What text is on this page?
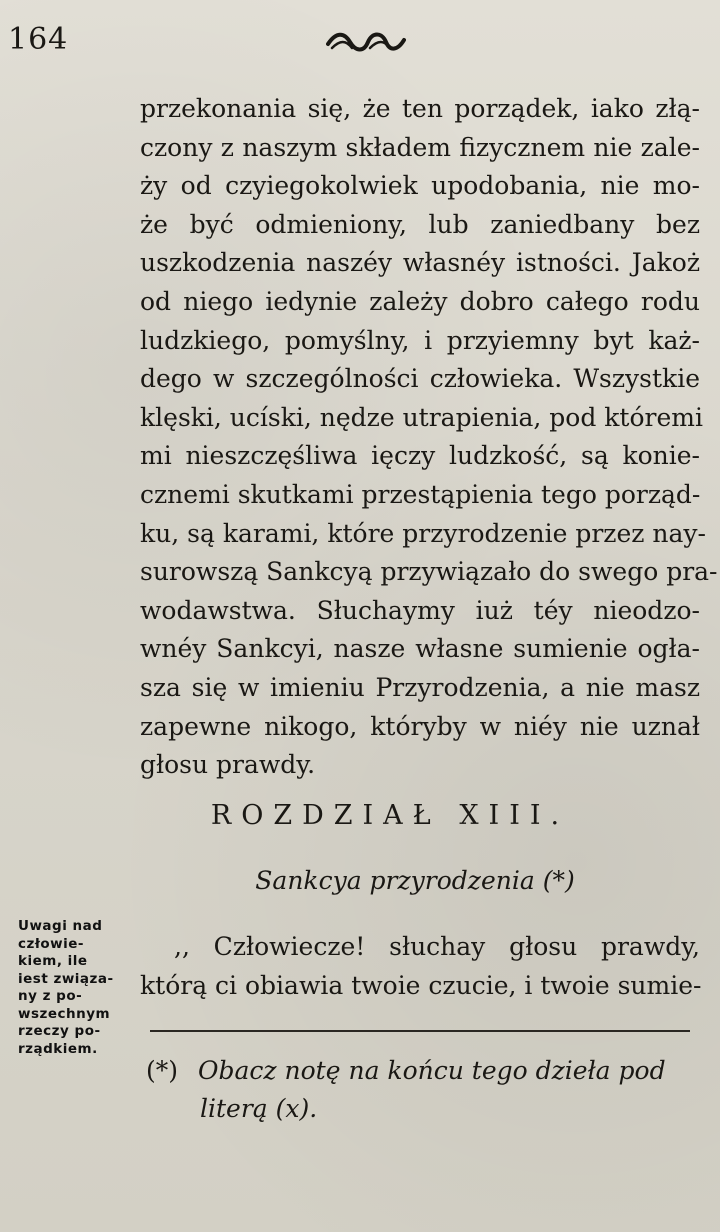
164
przekonania się, że ten porządek, iako złą-
czony z naszym składem fizycznem nie zale-
ży od czyiegokolwiek upodobania, nie mo-
że być odmieniony, lub zaniedbany bez
uszkodzenia naszéy własnéy istności. Jakoż
od niego iedynie zależy dobro całego rodu
ludzkiego, pomyślny, i przyiemny byt każ-
dego w szczególności człowieka. Wszystkie
klęski, ucíski, nędze utrapienia, pod któremi
mi nieszczęśliwa ięczy ludzkość, są konie-
cznemi skutkami przestąpienia tego porząd-
ku, są karami, które przyrodzenie przez nay-
surowszą Sankcyą przywiązało do swego pra-
wodawstwa. Słuchaymy iuż téy nieodzo-
wnéy Sankcyi, nasze własne sumienie ogła-
sza się w imieniu Przyrodzenia, a nie masz
zapewne nikogo, któryby w niéy nie uznał
głosu prawdy.
ROZDZIAŁ XIII.
Sankcya przyrodzenia (*)
Uwagi nad
człowie-
kiem, ile
iest związa-
ny z po-
wszechnym
rzeczy po-
rządkiem.
,, Człowiecze! słuchay głosu prawdy,
którą ci obiawia twoie czucie, i twoie sumie-
(*) Obacz notę na końcu tego dzieła pod
literą (x).
